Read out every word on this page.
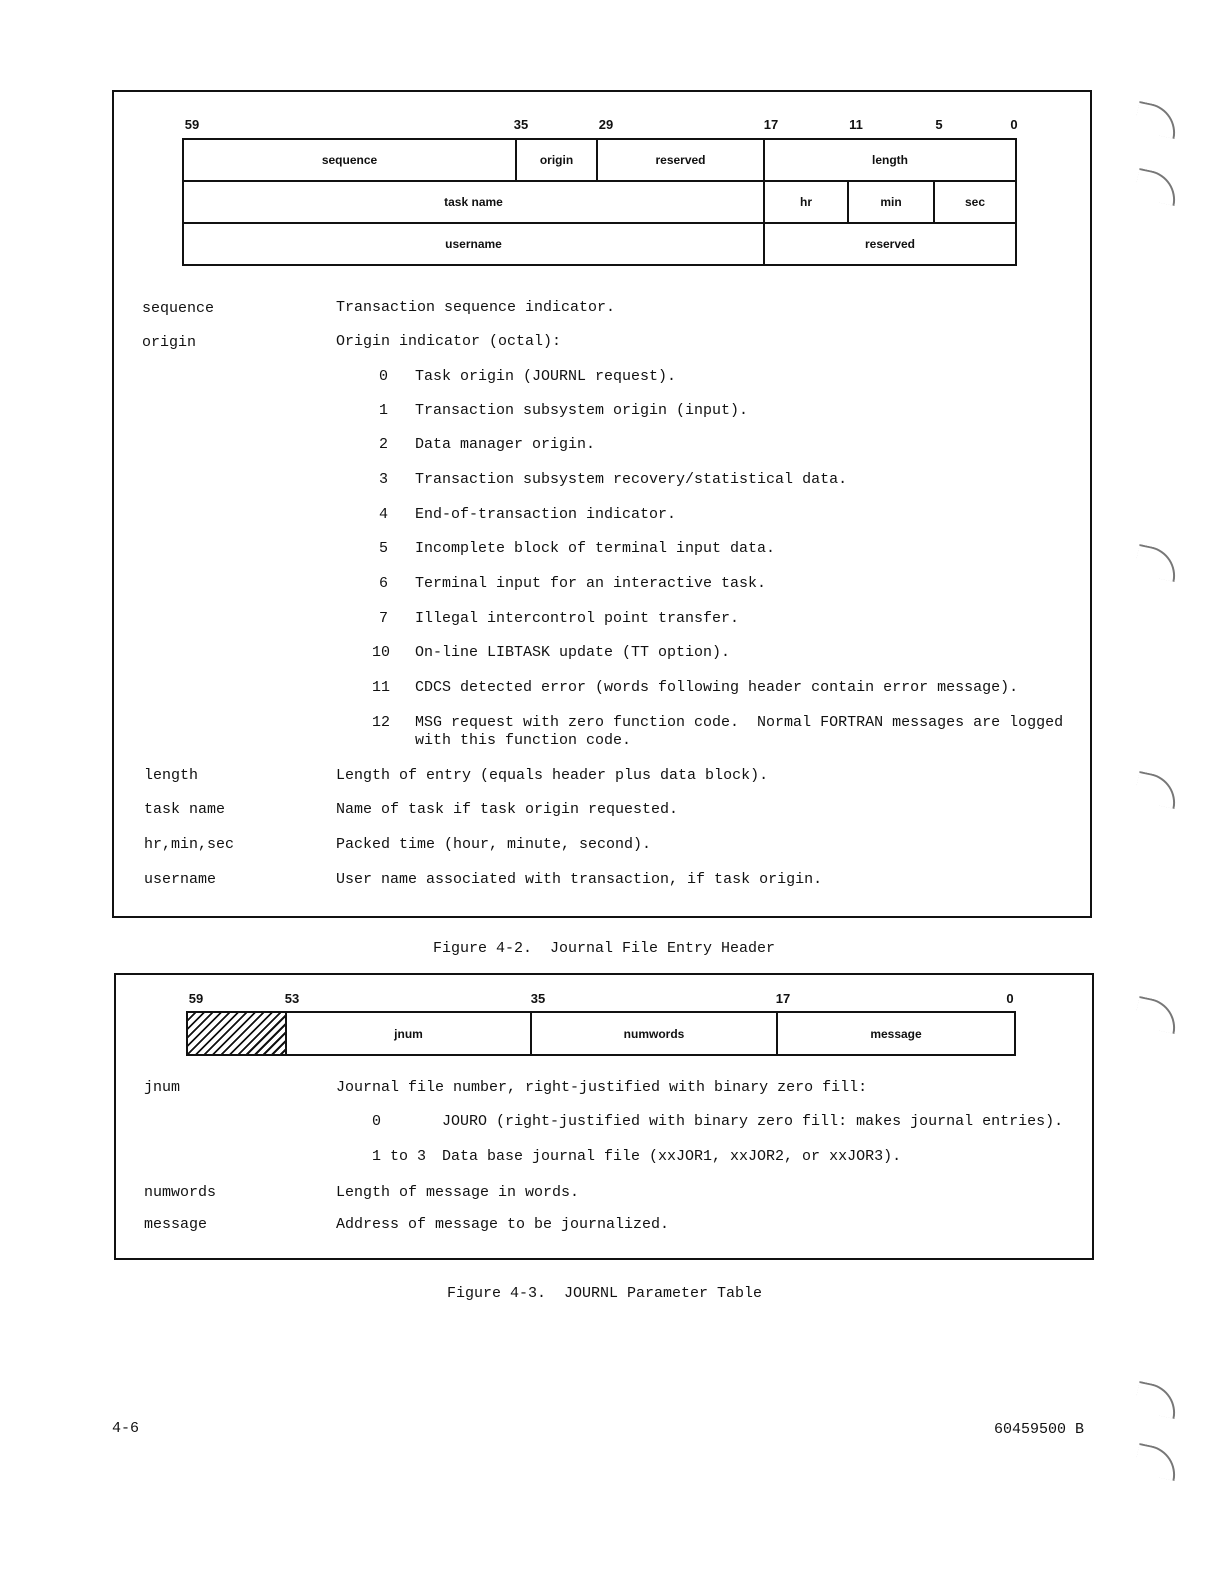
59	35	29	17	11	5	0
sequence	origin	reserved	length
task name	hr	min	sec
username	reserved
sequence	Transaction sequence indicator.
origin	Origin indicator (octal):
0 Task origin (JOURNL request).
1 Transaction subsystem origin (input).
2 Data manager origin.
3 Transaction subsystem recovery/statistical data.
4 End-of-transaction indicator.
5 Incomplete block of terminal input data.
6 Terminal input for an interactive task.
7 Illegal intercontrol point transfer.
10 On-line LIBTASK update (TT option).
11 CDCS detected error (words following header contain error message).
12 MSG request with zero function code.  Normal FORTRAN messages are logged
with this function code.
length	Length of entry (equals header plus data block).
task name	Name of task if task origin requested.
hr,min,sec	Packed time (hour, minute, second).
username	User name associated with transaction, if task origin.
Figure 4-2.  Journal File Entry Header
59	53	35	17	0
jnum	numwords	message
jnum	Journal file number, right-justified with binary zero fill:
0	JOURO (right-justified with binary zero fill: makes journal entries).
1 to 3 Data base journal file (xxJOR1, xxJOR2, or xxJOR3).
numwords	Length of message in words.
message	Address of message to be journalized.
Figure 4-3.  JOURNL Parameter Table
4-6	60459500 B
